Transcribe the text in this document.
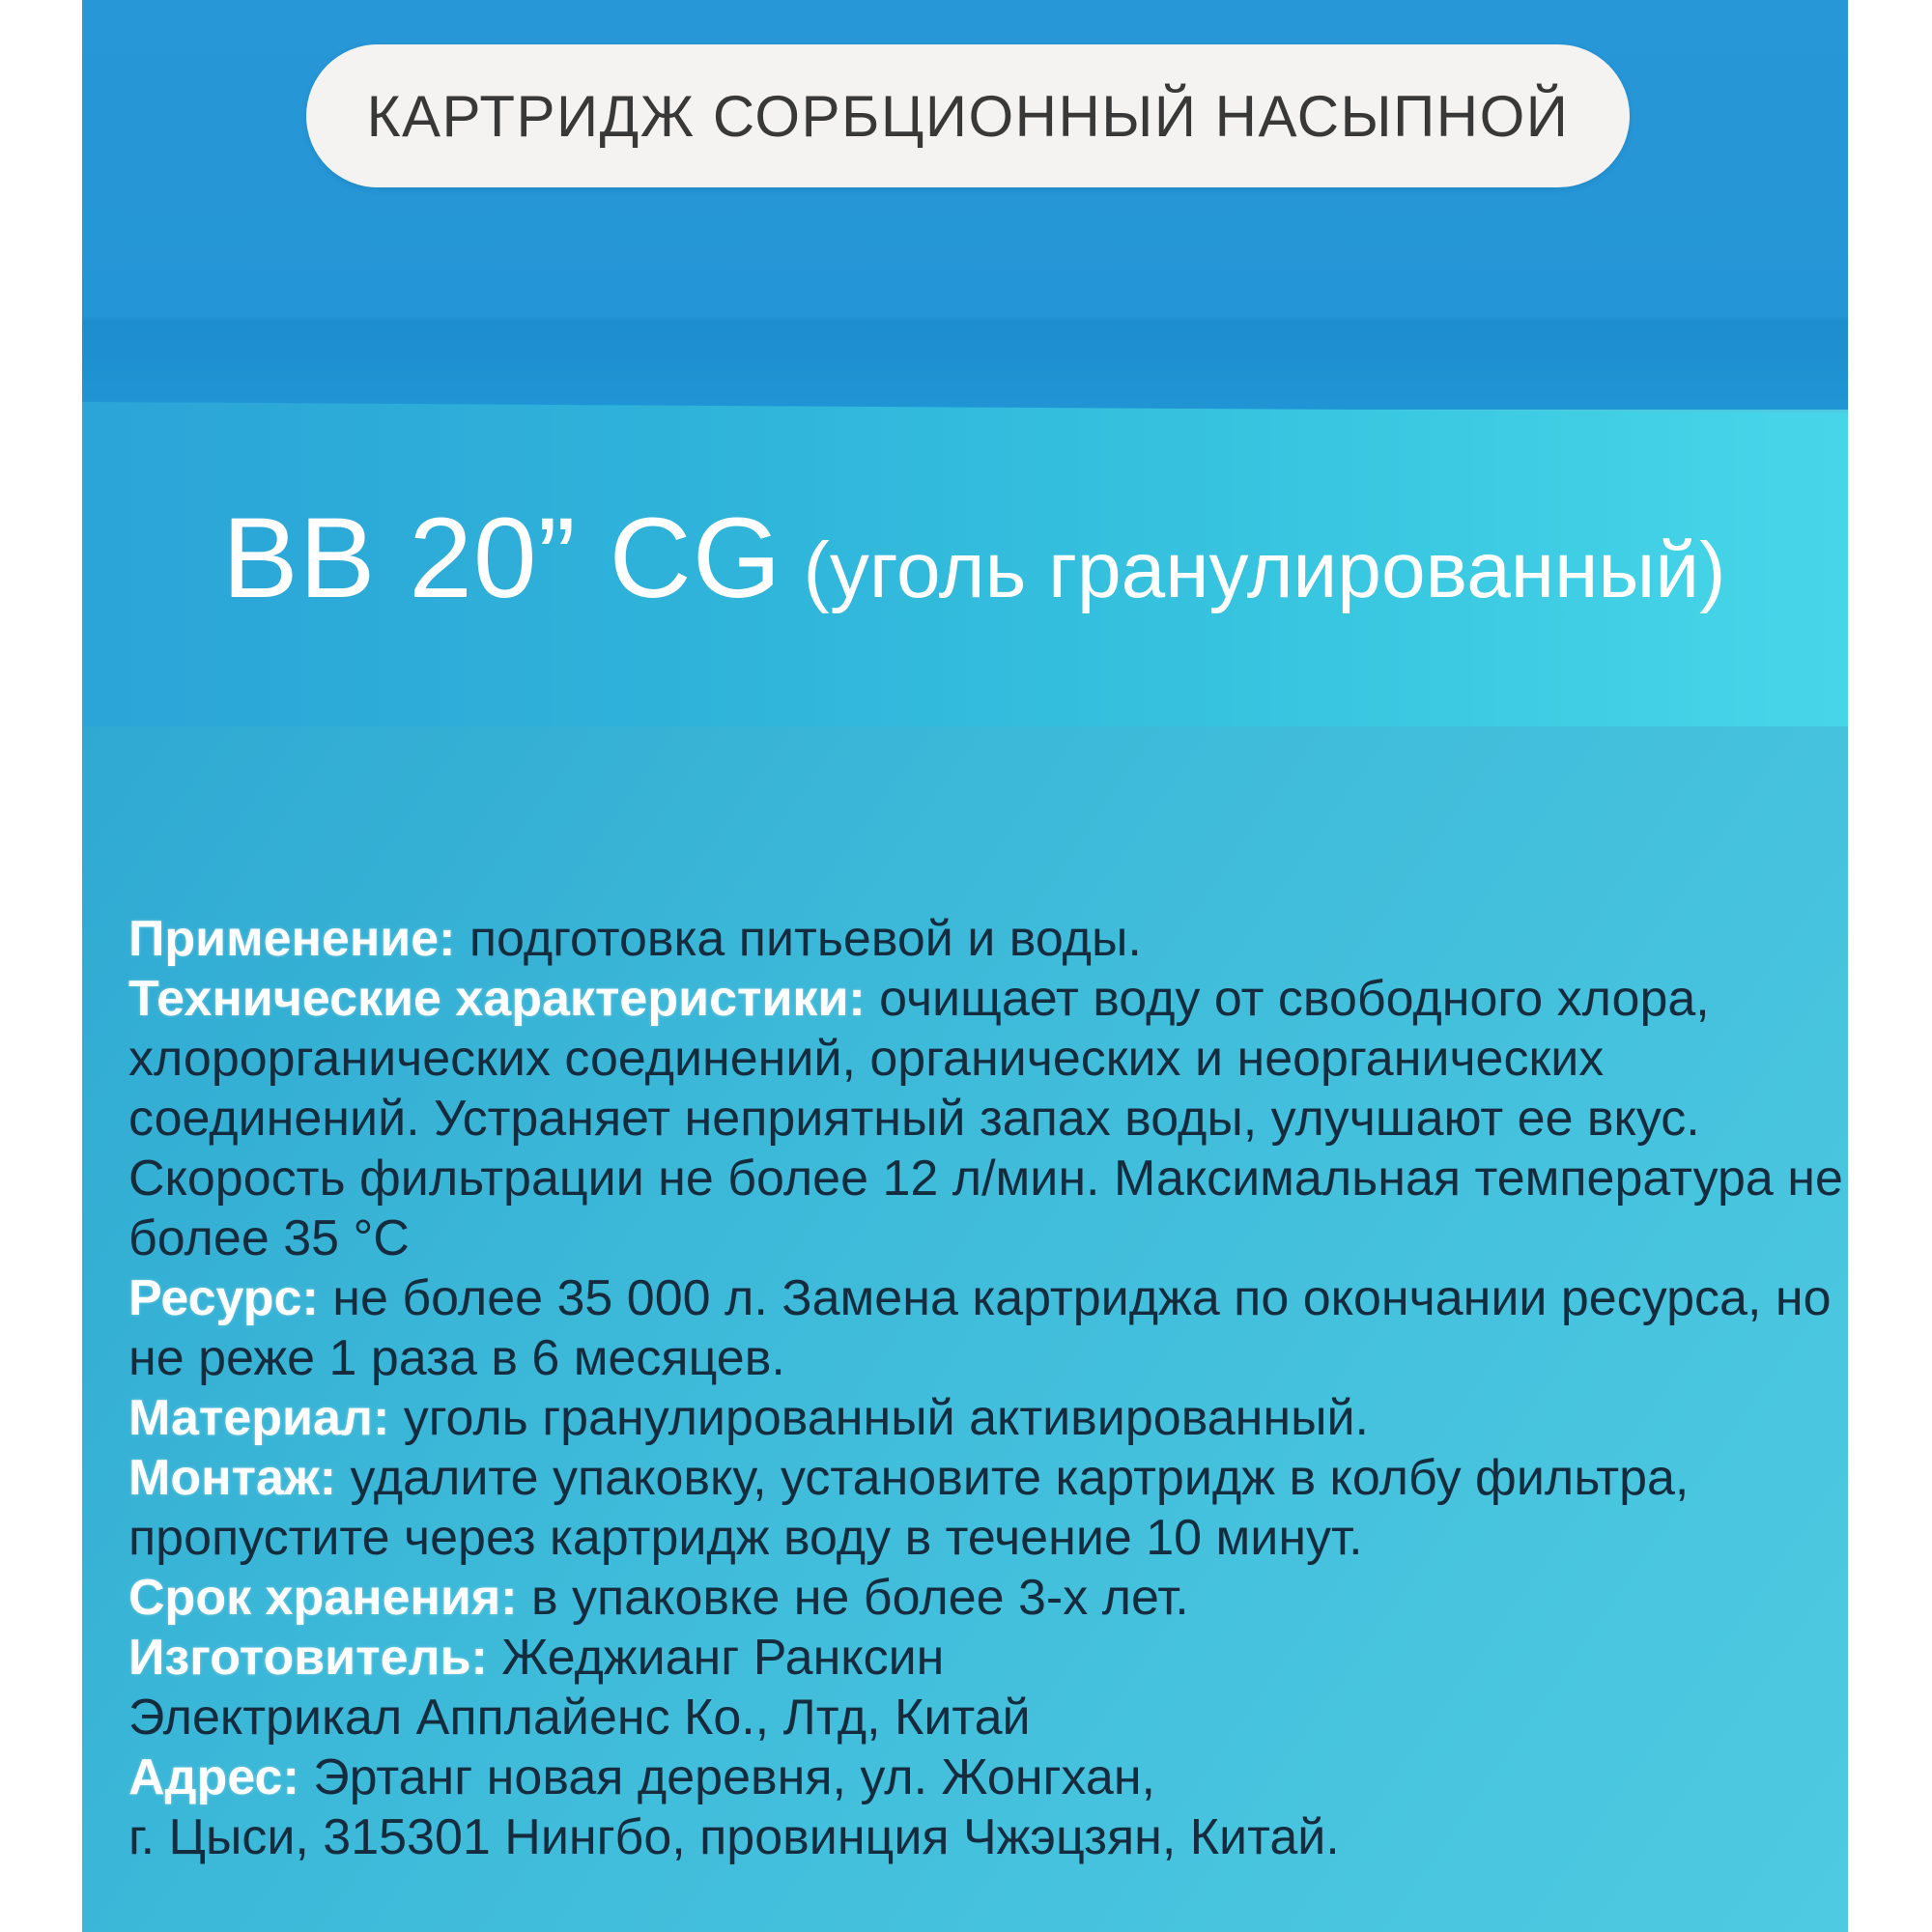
КАРТРИДЖ СОРБЦИОННЫЙ НАСЫПНОЙ
BB 20” CG (уголь гранулированный)
Применение: подготовка питьевой и воды.
Технические характеристики: очищает воду от свободного хлора,
хлорорганических соединений, органических и неорганических
соединений. Устраняет неприятный запах воды, улучшают ее вкус.
Скорость фильтрации не более 12 л/мин. Максимальная температура не
более 35 °C
Ресурс: не более 35 000 л. Замена картриджа по окончании ресурса, но
не реже 1 раза в 6 месяцев.
Материал: уголь гранулированный активированный.
Монтаж: удалите упаковку, установите картридж в колбу фильтра,
пропустите через картридж воду в течение 10 минут.
Срок хранения: в упаковке не более 3-х лет.
Изготовитель: Жеджианг Ранксин
Электрикал Апплайенс Ко., Лтд, Китай
Адрес: Эртанг новая деревня, ул. Жонгхан,
г. Цыси, 315301 Нингбо, провинция Чжэцзян, Китай.
